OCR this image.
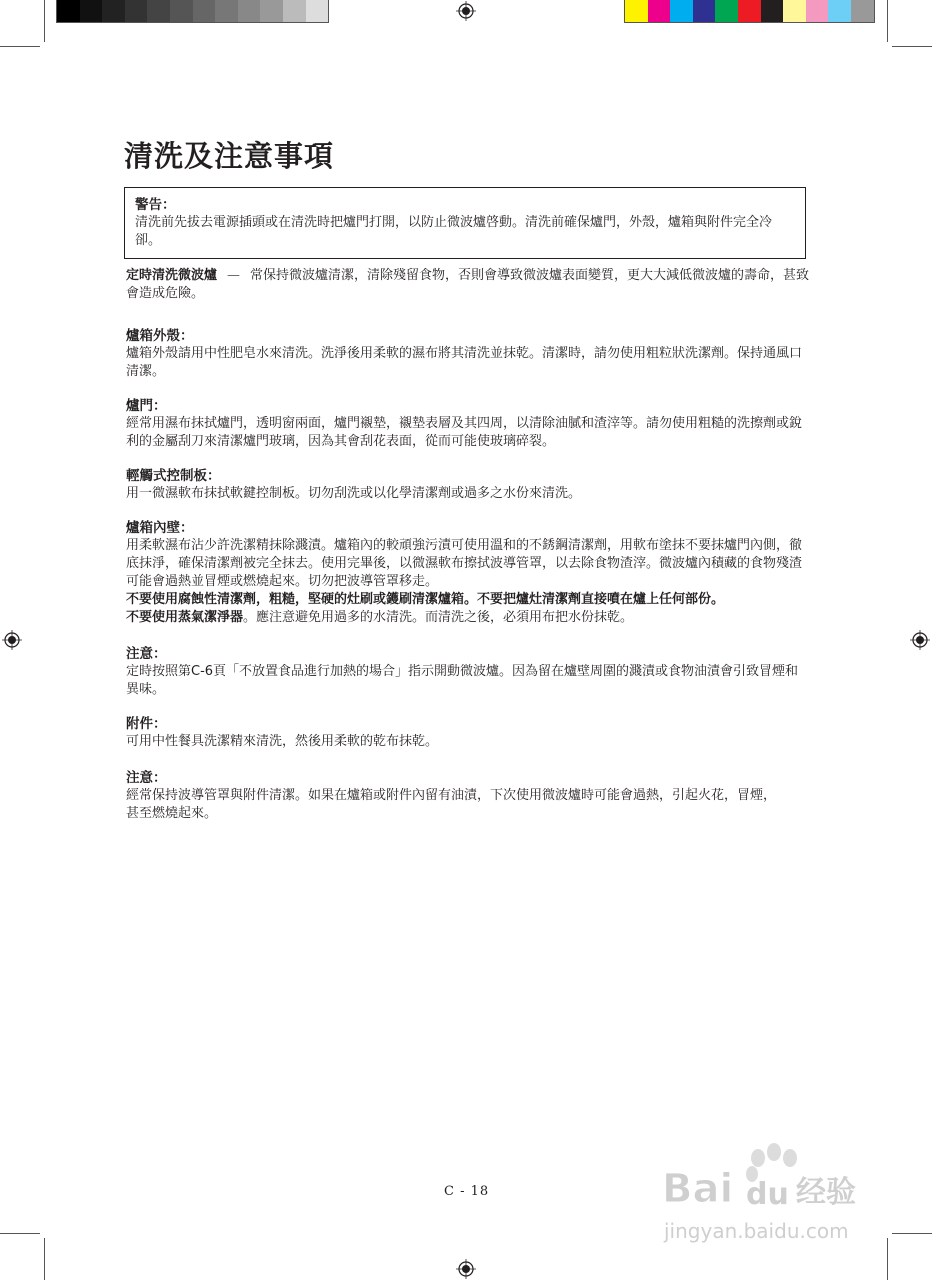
清洗及注意事項
警告：
清洗前先拔去電源插頭或在清洗時把爐門打開，以防止微波爐啓動。清洗前確保爐門，外殼，爐箱與附件完全冷卻。

定時清洗微波爐 — 常保持微波爐清潔，清除殘留食物，否則會導致微波爐表面變質，更大大減低微波爐的壽命，甚致會造成危險。

爐箱外殼：

爐箱外殼請用中性肥皂水來清洗。洗淨後用柔軟的濕布將其清洗並抹乾。清潔時，請勿使用粗粒狀洗潔劑。保持通風口清潔。

爐門：

經常用濕布抹拭爐門，透明窗兩面，爐門襯墊，襯墊表層及其四周，以清除油膩和渣滓等。請勿使用粗糙的洗擦劑或銳利的金屬刮刀來清潔爐門玻璃，因為其會刮花表面，從而可能使玻璃碎裂。

輕觸式控制板：

用一微濕軟布抹拭軟鍵控制板。切勿刮洗或以化學清潔劑或過多之水份來清洗。

爐箱內壁：

用柔軟濕布沾少許洗潔精抹除濺漬。爐箱內的較頑強污漬可使用溫和的不銹鋼清潔劑，用軟布塗抹不要抹爐門內側，徹底抹淨，確保清潔劑被完全抹去。使用完畢後，以微濕軟布擦拭波導管罩，以去除食物渣滓。微波爐內積藏的食物殘渣可能會過熱並冒煙或燃燒起來。切勿把波導管罩移走。

不要使用腐蝕性清潔劑，粗糙，堅硬的灶刷或鑊刷清潔爐箱。不要把爐灶清潔劑直接噴在爐上任何部份。

不要使用蒸氣潔淨器。應注意避免用過多的水清洗。而清洗之後，必須用布把水份抹乾。

注意：

定時按照第C-6頁「不放置食品進行加熱的場合」指示開動微波爐。因為留在爐壁周圍的濺漬或食物油漬會引致冒煙和異味。

附件：

可用中性餐具洗潔精來清洗，然後用柔軟的乾布抹乾。

注意：

經常保持波導管罩與附件清潔。如果在爐箱或附件內留有油漬，下次使用微波爐時可能會過熱，引起火花，冒煙，甚至燃燒起來。

C - 18	Bai du 经验
jingyan.baidu.com
